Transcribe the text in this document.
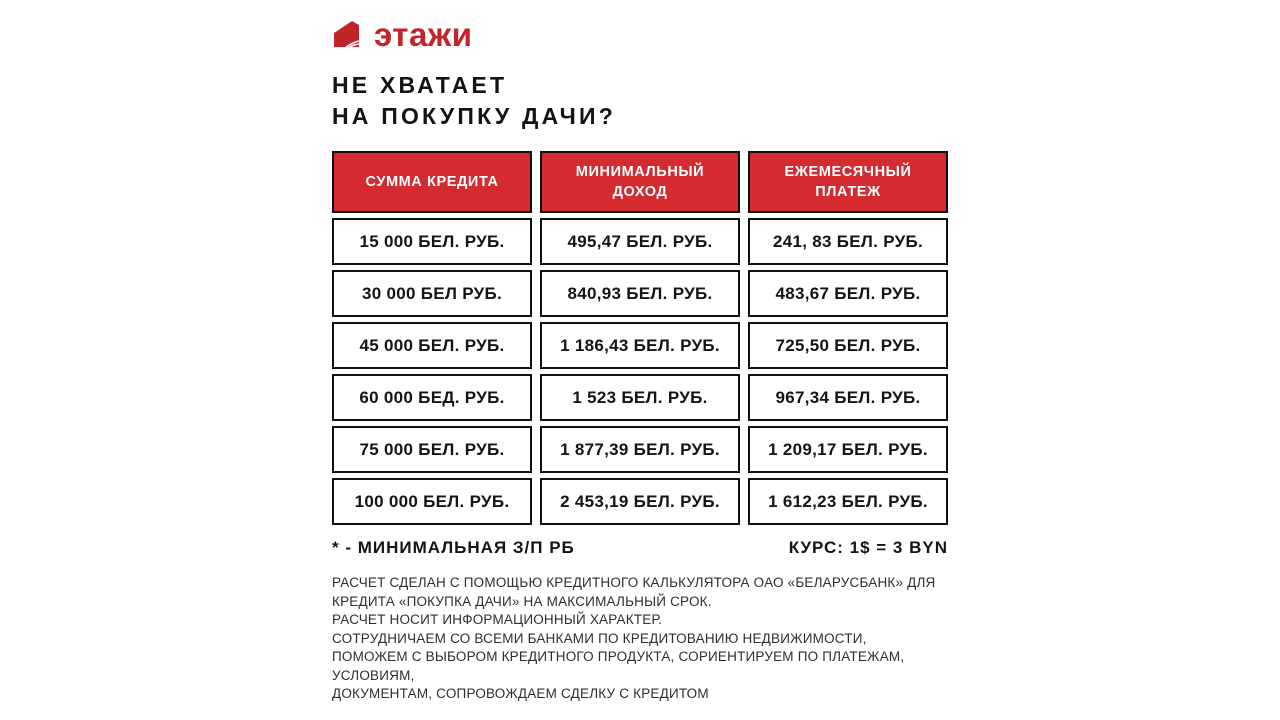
этажи
НЕ ХВАТАЕТ
НА ПОКУПКУ ДАЧИ?
СУММА КРЕДИТА	МИНИМАЛЬНЫЙ ДОХОД	ЕЖЕМЕСЯЧНЫЙ ПЛАТЕЖ
15 000 БЕЛ. РУБ.	495,47 БЕЛ. РУБ.	241, 83 БЕЛ. РУБ.
30 000 БЕЛ РУБ.	840,93 БЕЛ. РУБ.	483,67 БЕЛ. РУБ.
45 000 БЕЛ. РУБ.	1 186,43 БЕЛ. РУБ.	725,50 БЕЛ. РУБ.
60 000 БЕД. РУБ.	1 523 БЕЛ. РУБ.	967,34 БЕЛ. РУБ.
75 000 БЕЛ. РУБ.	1 877,39 БЕЛ. РУБ.	1 209,17 БЕЛ. РУБ.
100 000 БЕЛ. РУБ.	2 453,19 БЕЛ. РУБ.	1 612,23 БЕЛ. РУБ.
* - МИНИМАЛЬНАЯ З/П РБ	КУРС: 1$ = 3 BYN
РАСЧЕТ СДЕЛАН С ПОМОЩЬЮ КРЕДИТНОГО КАЛЬКУЛЯТОРА ОАО «БЕЛАРУСБАНК» ДЛЯ
КРЕДИТА «ПОКУПКА ДАЧИ» НА МАКСИМАЛЬНЫЙ СРОК.
РАСЧЕТ НОСИТ ИНФОРМАЦИОННЫЙ ХАРАКТЕР.
СОТРУДНИЧАЕМ СО ВСЕМИ БАНКАМИ ПО КРЕДИТОВАНИЮ НЕДВИЖИМОСТИ,
ПОМОЖЕМ С ВЫБОРОМ КРЕДИТНОГО ПРОДУКТА, СОРИЕНТИРУЕМ ПО ПЛАТЕЖАМ,
УСЛОВИЯМ,
ДОКУМЕНТАМ, СОПРОВОЖДАЕМ СДЕЛКУ С КРЕДИТОМ
